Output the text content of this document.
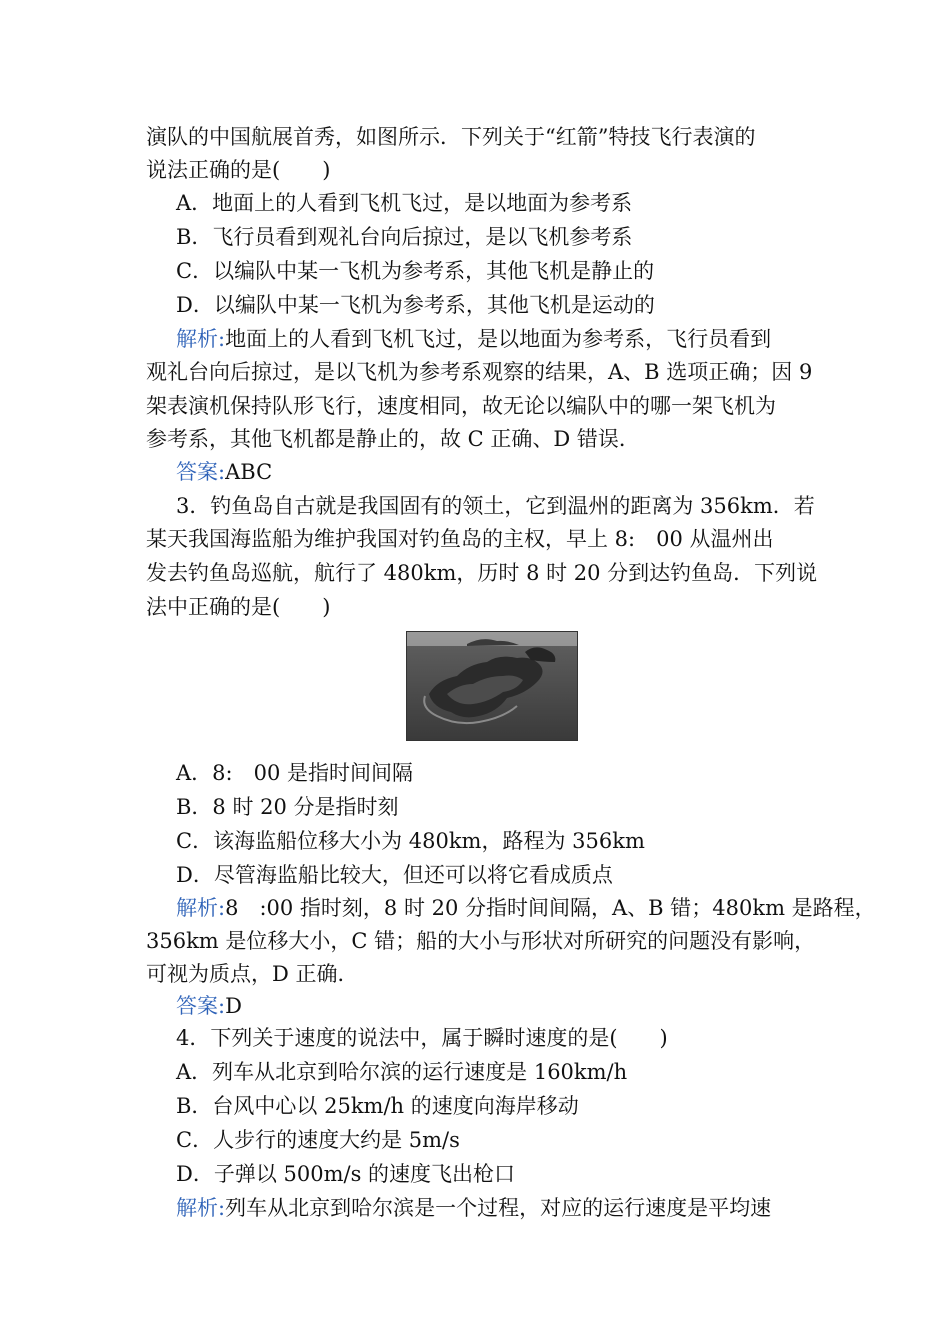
演队的中国航展首秀，如图所示．下列关于“红箭”特技飞行表演的
说法正确的是(　　)
A．地面上的人看到飞机飞过，是以地面为参考系
B．飞行员看到观礼台向后掠过，是以飞机参考系
C．以编队中某一飞机为参考系，其他飞机是静止的
D．以编队中某一飞机为参考系，其他飞机是运动的
解析:地面上的人看到飞机飞过，是以地面为参考系，飞行员看到
观礼台向后掠过，是以飞机为参考系观察的结果，A、B 选项正确；因 9
架表演机保持队形飞行，速度相同，故无论以编队中的哪一架飞机为
参考系，其他飞机都是静止的，故 C 正确、D 错误．
答案:ABC
3．钓鱼岛自古就是我国固有的领土，它到温州的距离为 356km．若
某天我国海监船为维护我国对钓鱼岛的主权，早上 8:　00 从温州出
发去钓鱼岛巡航，航行了 480km，历时 8 时 20 分到达钓鱼岛．下列说
法中正确的是(　　)
A．8:　00 是指时间间隔
B．8 时 20 分是指时刻
C．该海监船位移大小为 480km，路程为 356km
D．尽管海监船比较大，但还可以将它看成质点
解析:8　:00 指时刻，8 时 20 分指时间间隔，A、B 错；480km 是路程，
356km 是位移大小，C 错；船的大小与形状对所研究的问题没有影响，
可视为质点，D 正确．
答案:D
4．下列关于速度的说法中，属于瞬时速度的是(　　)
A．列车从北京到哈尔滨的运行速度是 160km/h
B．台风中心以 25km/h 的速度向海岸移动
C．人步行的速度大约是 5m/s
D．子弹以 500m/s 的速度飞出枪口
解析:列车从北京到哈尔滨是一个过程，对应的运行速度是平均速
